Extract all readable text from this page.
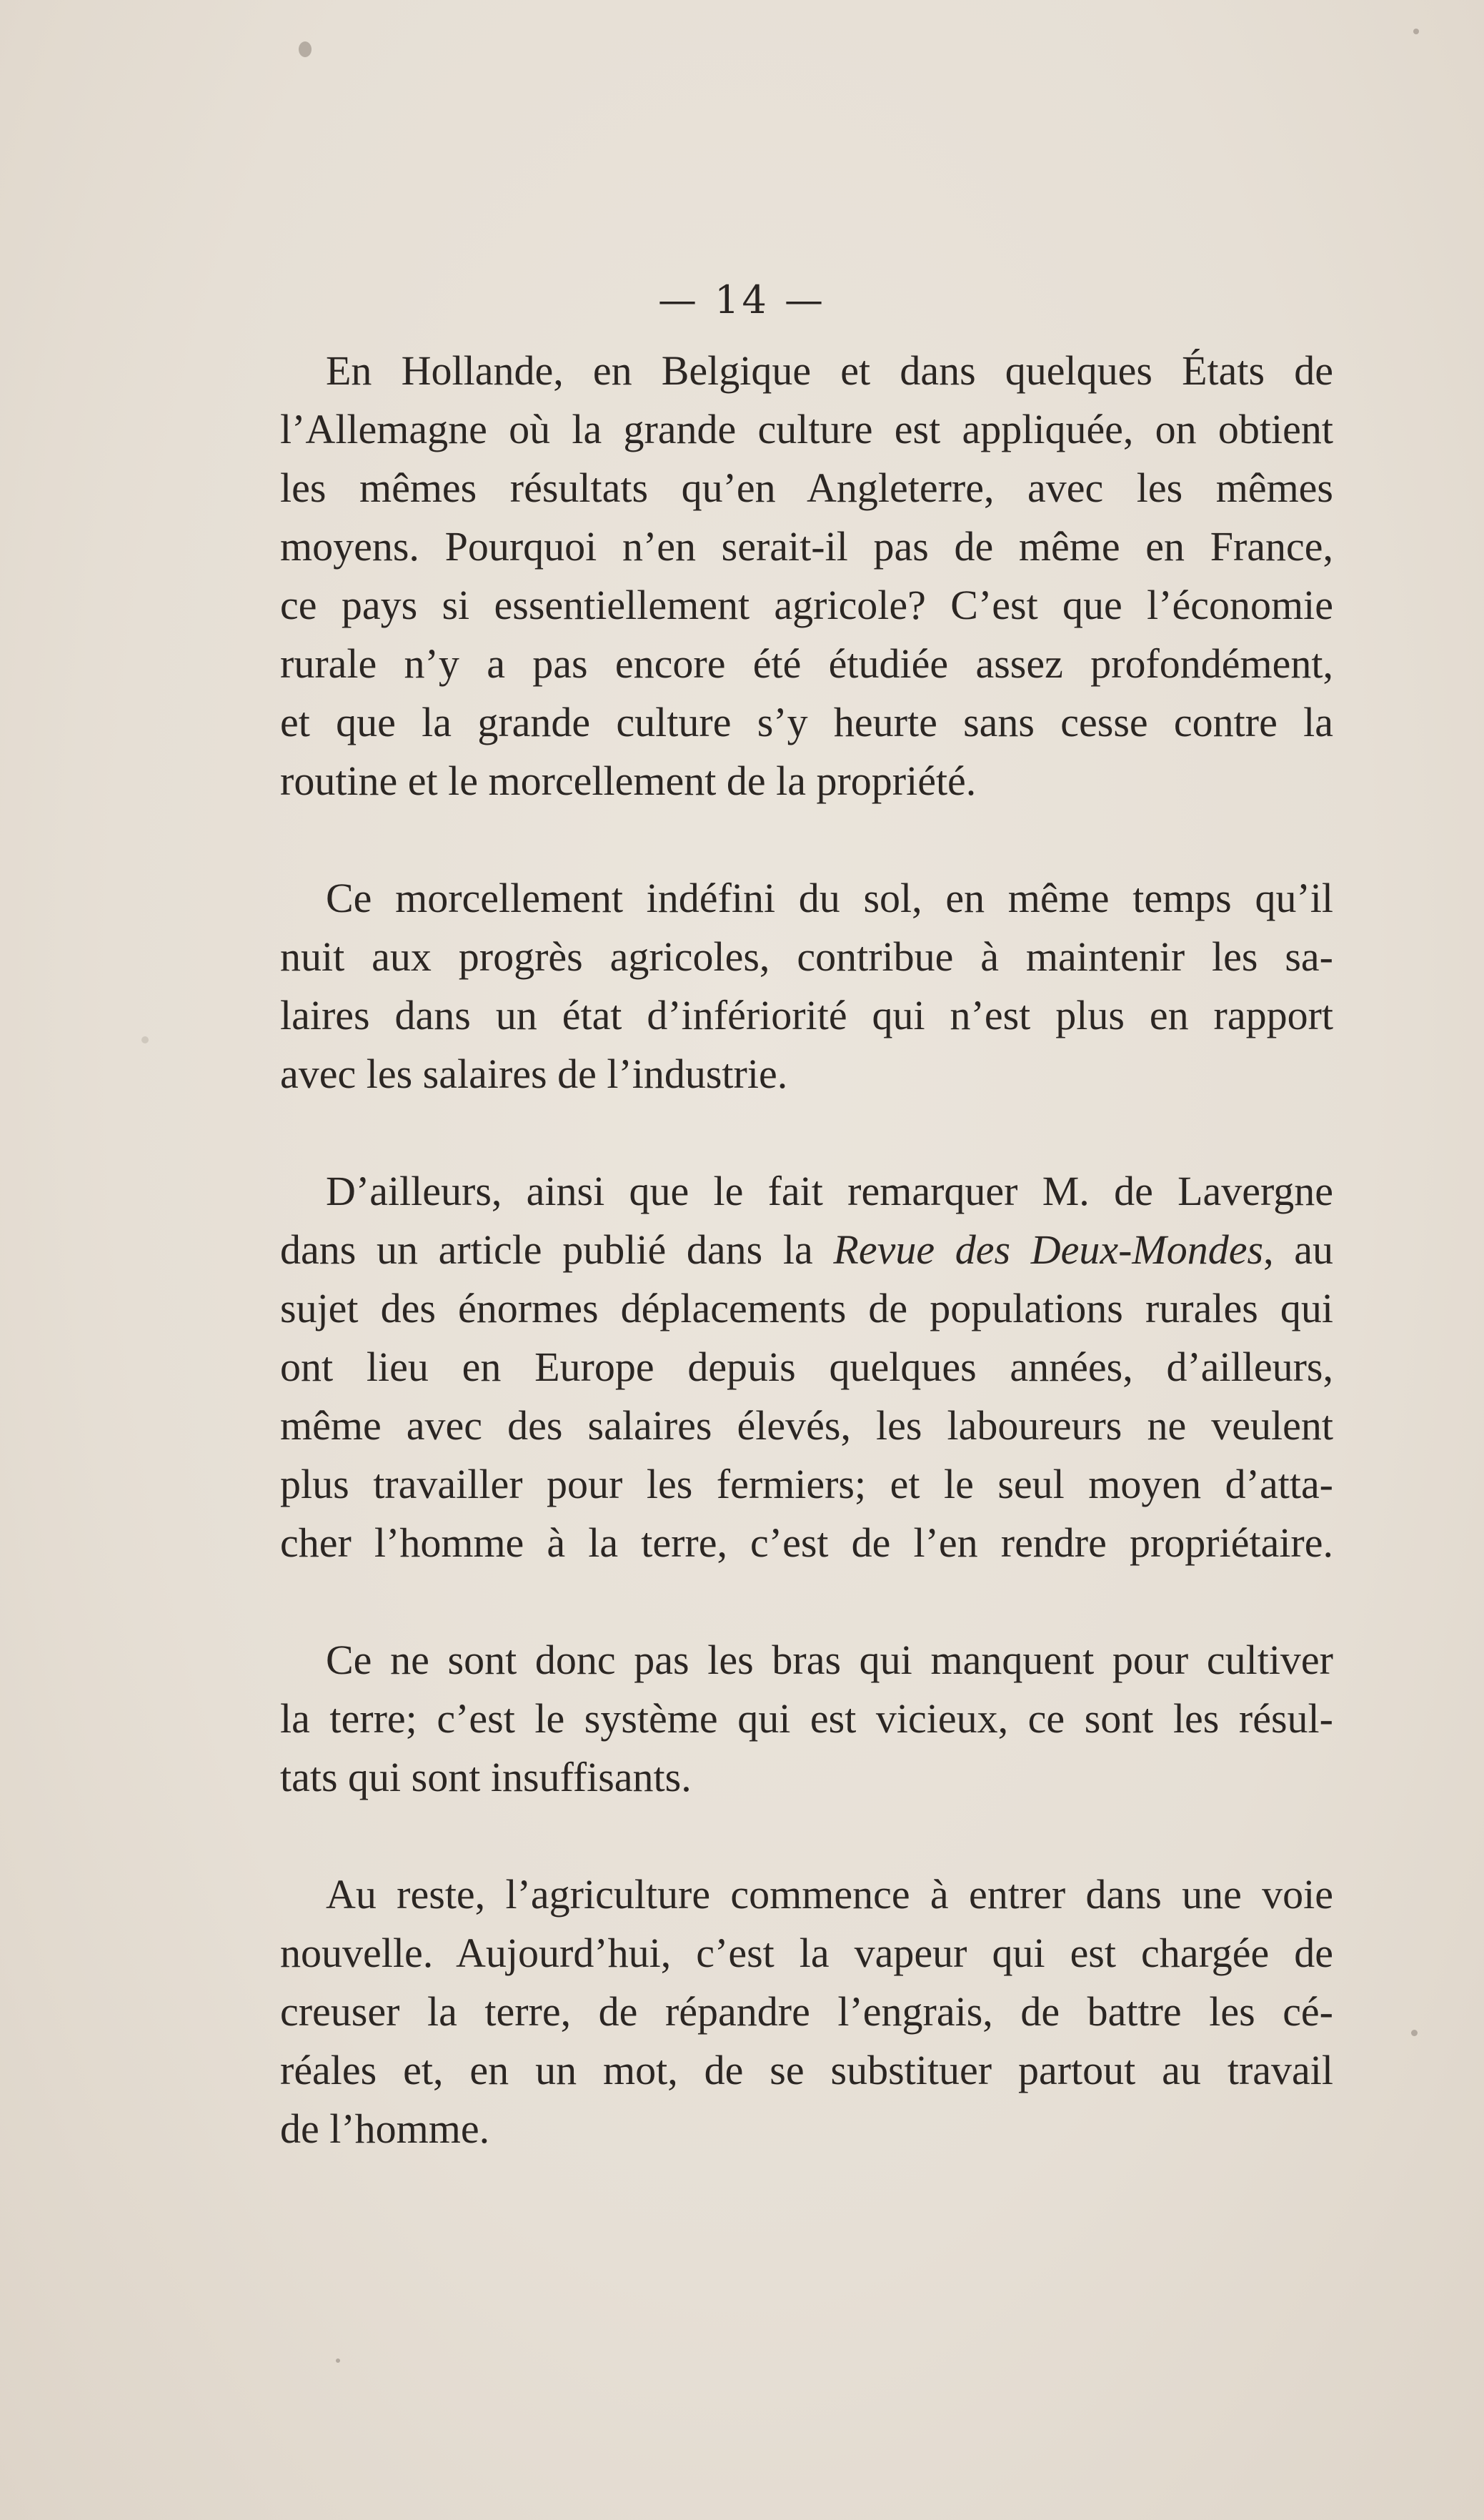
— 14 —
En Hollande, en Belgique et dans quelques États de
l’Allemagne où la grande culture est appliquée, on obtient
les mêmes résultats qu’en Angleterre, avec les mêmes
moyens. Pourquoi n’en serait-il pas de même en France,
ce pays si essentiellement agricole? C’est que l’économie
rurale n’y a pas encore été étudiée assez profondément,
et que la grande culture s’y heurte sans cesse contre la
routine et le morcellement de la propriété.
Ce morcellement indéfini du sol, en même temps qu’il
nuit aux progrès agricoles, contribue à maintenir les sa-
laires dans un état d’infériorité qui n’est plus en rapport
avec les salaires de l’industrie.
D’ailleurs, ainsi que le fait remarquer M. de Lavergne
dans un article publié dans la Revue des Deux-Mondes, au
sujet des énormes déplacements de populations rurales qui
ont lieu en Europe depuis quelques années, d’ailleurs,
même avec des salaires élevés, les laboureurs ne veulent
plus travailler pour les fermiers; et le seul moyen d’atta-
cher l’homme à la terre, c’est de l’en rendre propriétaire.
Ce ne sont donc pas les bras qui manquent pour cultiver
la terre; c’est le système qui est vicieux, ce sont les résul-
tats qui sont insuffisants.
Au reste, l’agriculture commence à entrer dans une voie
nouvelle. Aujourd’hui, c’est la vapeur qui est chargée de
creuser la terre, de répandre l’engrais, de battre les cé-
réales et, en un mot, de se substituer partout au travail
de l’homme.
